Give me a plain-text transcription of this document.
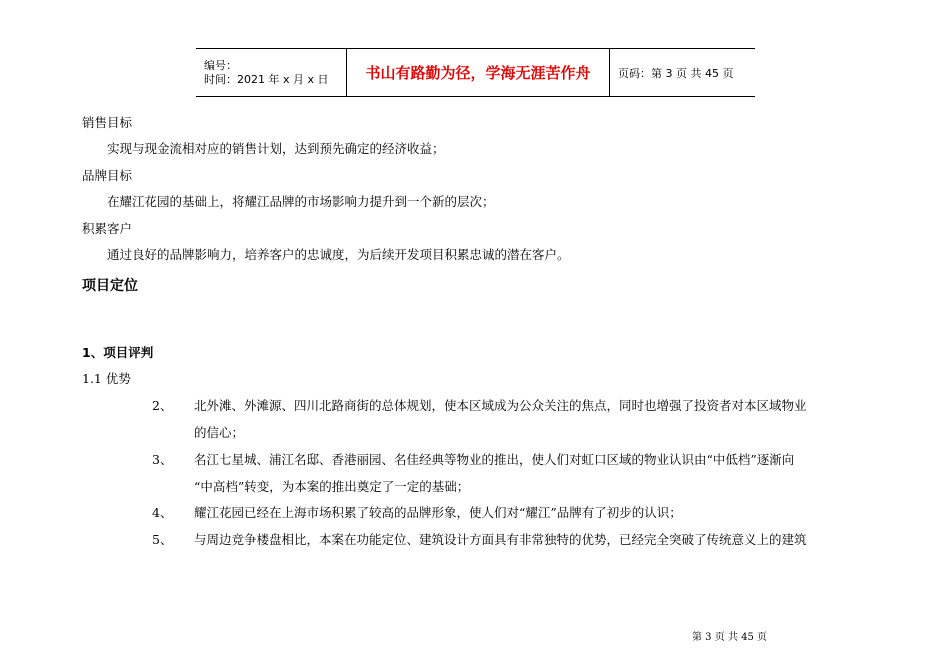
编号：
时间：2021 年 x 月 x 日	书山有路勤为径，学海无涯苦作舟	页码：第 3 页 共 45 页
销售目标
实现与现金流相对应的销售计划，达到预先确定的经济收益；
品牌目标
在耀江花园的基础上，将耀江品牌的市场影响力提升到一个新的层次；
积累客户
通过良好的品牌影响力，培养客户的忠诚度，为后续开发项目积累忠诚的潜在客户。
项目定位
1、项目评判
1.1 优势
2、 北外滩、外滩源、四川北路商街的总体规划，使本区域成为公众关注的焦点，同时也增强了投资者对本区域物业
的信心；
3、 名江七星城、浦江名邸、香港丽园、名佳经典等物业的推出，使人们对虹口区域的物业认识由“中低档”逐渐向
“中高档”转变，为本案的推出奠定了一定的基础；
4、 耀江花园已经在上海市场积累了较高的品牌形象，使人们对“耀江”品牌有了初步的认识；
5、 与周边竞争楼盘相比，本案在功能定位、建筑设计方面具有非常独特的优势，已经完全突破了传统意义上的建筑
第 3 页 共 45 页
